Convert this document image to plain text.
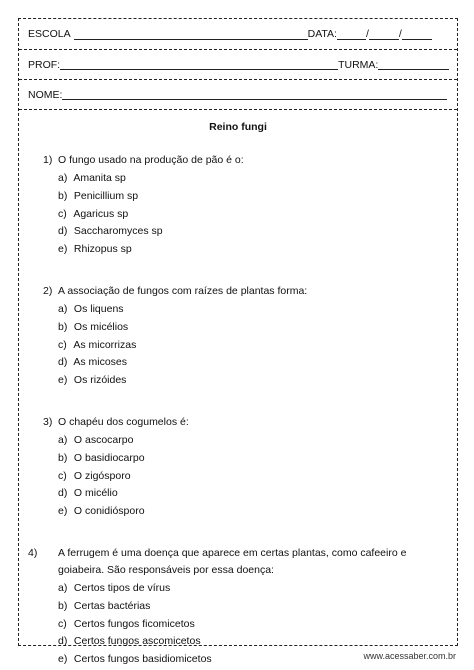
ESCOLA	DATA:	/	/
PROF:	TURMA:
NOME:
Reino fungi
1) O fungo usado na produção de pão é o:
a) Amanita sp
b) Penicillium sp
c) Agaricus sp
d) Saccharomyces sp
e) Rhizopus sp
2) A associação de fungos com raízes de plantas forma:
a) Os liquens
b) Os micélios
c) As micorrizas
d) As micoses
e) Os rizóides
3) O chapéu dos cogumelos é:
a) O ascocarpo
b) O basidiocarpo
c) O zigósporo
d) O micélio
e) O conidiósporo
4) A ferrugem é uma doença que aparece em certas plantas, como cafeeiro e goiabeira. São responsáveis por essa doença:
a) Certos tipos de vírus
b) Certas bactérias
c) Certos fungos ficomicetos
d) Certos fungos ascomicetos
e) Certos fungos basidiomicetos	www.acessaber.com.br
